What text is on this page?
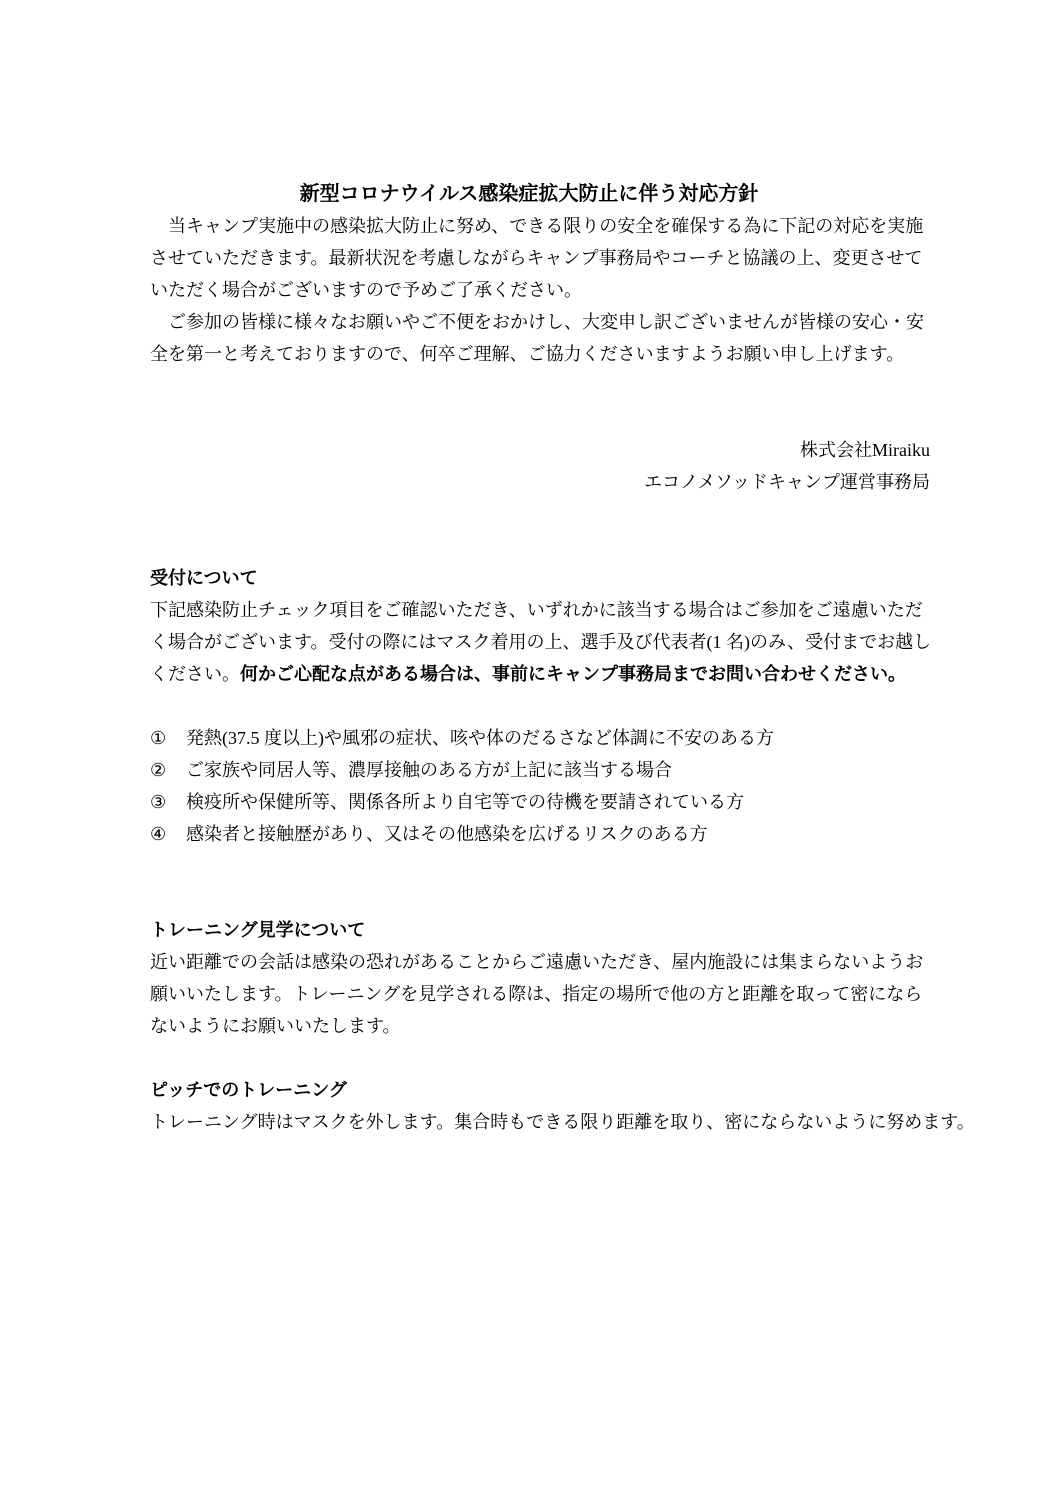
新型コロナウイルス感染症拡大防止に伴う対応方針

当キャンプ実施中の感染拡大防止に努め、できる限りの安全を確保する為に下記の対応を実施させていただきます。最新状況を考慮しながらキャンプ事務局やコーチと協議の上、変更させていただく場合がございますので予めご了承ください。

ご参加の皆様に様々なお願いやご不便をおかけし、大変申し訳ございませんが皆様の安心・安全を第一と考えておりますので、何卒ご理解、ご協力くださいますようお願い申し上げます。

株式会社Miraiku

エコノメソッドキャンプ運営事務局

受付について

下記感染防止チェック項目をご確認いただき、いずれかに該当する場合はご参加をご遠慮いただく場合がございます。受付の際にはマスク着用の上、選手及び代表者(1 名)のみ、受付までお越しください。何かご心配な点がある場合は、事前にキャンプ事務局までお問い合わせください。

①	発熱(37.5 度以上)や風邪の症状、咳や体のだるさなど体調に不安のある方
②	ご家族や同居人等、濃厚接触のある方が上記に該当する場合
③	検疫所や保健所等、関係各所より自宅等での待機を要請されている方
④	感染者と接触歴があり、又はその他感染を広げるリスクのある方
トレーニング見学について

近い距離での会話は感染の恐れがあることからご遠慮いただき、屋内施設には集まらないようお願いいたします。トレーニングを見学される際は、指定の場所で他の方と距離を取って密にならないようにお願いいたします。

ピッチでのトレーニング

トレーニング時はマスクを外します。集合時もできる限り距離を取り、密にならないように努めます。
